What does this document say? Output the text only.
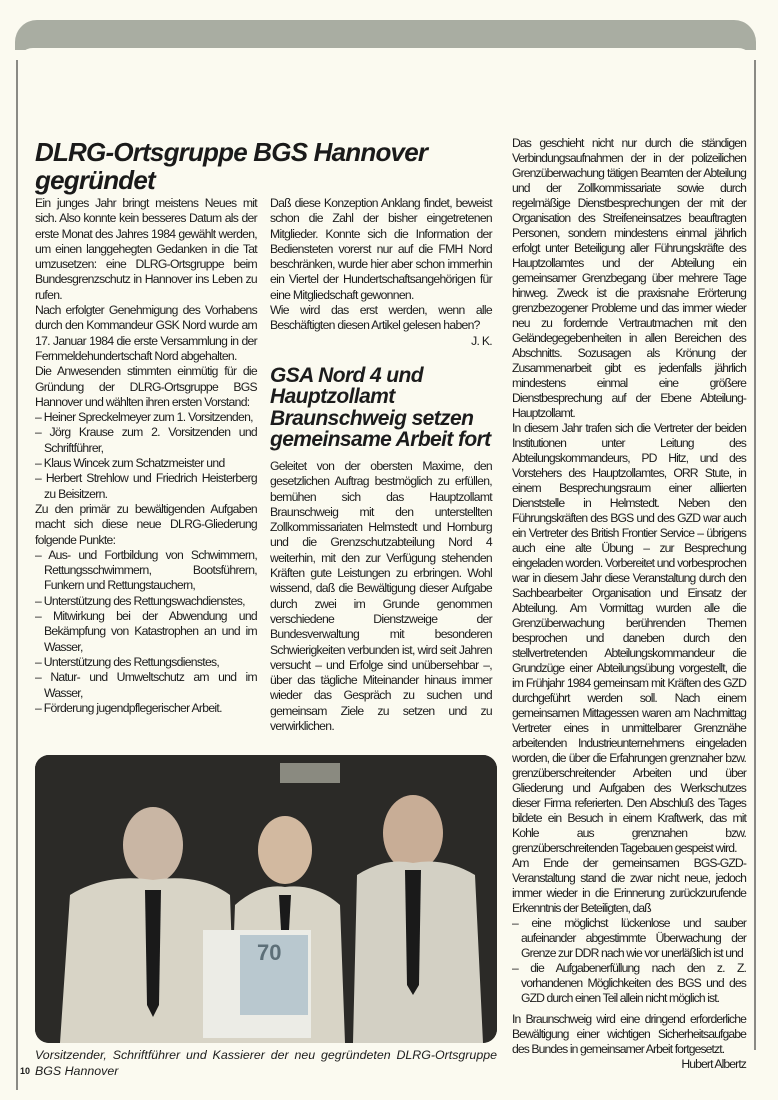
DLRG-Ortsgruppe BGS Hannover gegründet

Ein junges Jahr bringt meistens Neues mit sich. Also konnte kein besseres Datum als der erste Monat des Jahres 1984 gewählt werden, um einen langgehegten Gedanken in die Tat umzusetzen: eine DLRG-Ortsgruppe beim Bundesgrenzschutz in Hannover ins Leben zu rufen.

Nach erfolgter Genehmigung des Vorhabens durch den Kommandeur GSK Nord wurde am 17. Januar 1984 die erste Versammlung in der Fernmeldehundertschaft Nord abgehalten.

Die Anwesenden stimmten einmütig für die Gründung der DLRG-Ortsgruppe BGS Hannover und wählten ihren ersten Vorstand:

– Heiner Spreckelmeyer zum 1. Vorsitzenden,
– Jörg Krause zum 2. Vorsitzenden und Schriftführer,
– Klaus Wincek zum Schatzmeister und
– Herbert Strehlow und Friedrich Heisterberg zu Beisitzern.

Zu den primär zu bewältigenden Aufgaben macht sich diese neue DLRG-Gliederung folgende Punkte:

– Aus- und Fortbildung von Schwimmern, Rettungsschwimmern, Bootsführern, Funkern und Rettungstauchern,
– Unterstützung des Rettungswachdienstes,
– Mitwirkung bei der Abwendung und Bekämpfung von Katastrophen an und im Wasser,
– Unterstützung des Rettungsdienstes,
– Natur- und Umweltschutz am und im Wasser,
– Förderung jugendpflegerischer Arbeit.

Daß diese Konzeption Anklang findet, beweist schon die Zahl der bisher eingetretenen Mitglieder. Konnte sich die Information der Bediensteten vorerst nur auf die FMH Nord beschränken, wurde hier aber schon immerhin ein Viertel der Hundertschaftsangehörigen für eine Mitgliedschaft gewonnen.

Wie wird das erst werden, wenn alle Beschäftigten diesen Artikel gelesen haben?

J. K.

GSA Nord 4 und Hauptzollamt Braunschweig setzen gemeinsame Arbeit fort

Geleitet von der obersten Maxime, den gesetzlichen Auftrag bestmöglich zu erfüllen, bemühen sich das Hauptzollamt Braunschweig mit den unterstellten Zollkommissariaten Helmstedt und Hornburg und die Grenzschutzabteilung Nord 4 weiterhin, mit den zur Verfügung stehenden Kräften gute Leistungen zu erbringen. Wohl wissend, daß die Bewältigung dieser Aufgabe durch zwei im Grunde genommen verschiedene Dienstzweige der Bundesverwaltung mit besonderen Schwierigkeiten verbunden ist, wird seit Jahren versucht – und Erfolge sind unübersehbar –, über das tägliche Miteinander hinaus immer wieder das Gespräch zu suchen und gemeinsam Ziele zu setzen und zu verwirklichen.

Das geschieht nicht nur durch die ständigen Verbindungsaufnahmen der in der polizeilichen Grenzüberwachung tätigen Beamten der Abteilung und der Zollkommissariate sowie durch regelmäßige Dienstbesprechungen der mit der Organisation des Streifeneinsatzes beauftragten Personen, sondern mindestens einmal jährlich erfolgt unter Beteiligung aller Führungskräfte des Hauptzollamtes und der Abteilung ein gemeinsamer Grenzbegang über mehrere Tage hinweg. Zweck ist die praxisnahe Erörterung grenzbezogener Probleme und das immer wieder neu zu fordernde Vertrautmachen mit den Geländegegebenheiten in allen Bereichen des Abschnitts. Sozusagen als Krönung der Zusammenarbeit gibt es jedenfalls jährlich mindestens einmal eine größere Dienstbesprechung auf der Ebene Abteilung-Hauptzollamt.

In diesem Jahr trafen sich die Vertreter der beiden Institutionen unter Leitung des Abteilungskommandeurs, PD Hitz, und des Vorstehers des Hauptzollamtes, ORR Stute, in einem Besprechungsraum einer alliierten Dienststelle in Helmstedt. Neben den Führungskräften des BGS und des GZD war auch ein Vertreter des British Frontier Service – übrigens auch eine alte Übung – zur Besprechung eingeladen worden. Vorbereitet und vorbesprochen war in diesem Jahr diese Veranstaltung durch den Sachbearbeiter Organisation und Einsatz der Abteilung. Am Vormittag wurden alle die Grenzüberwachung berührenden Themen besprochen und daneben durch den stellvertretenden Abteilungskommandeur die Grundzüge einer Abteilungsübung vorgestellt, die im Frühjahr 1984 gemeinsam mit Kräften des GZD durchgeführt werden soll. Nach einem gemeinsamen Mittagessen waren am Nachmittag Vertreter eines in unmittelbarer Grenznähe arbeitenden Industrieunternehmens eingeladen worden, die über die Erfahrungen grenznaher bzw. grenzüberschreitender Arbeiten und über Gliederung und Aufgaben des Werkschutzes dieser Firma referierten. Den Abschluß des Tages bildete ein Besuch in einem Kraftwerk, das mit Kohle aus grenznahen bzw. grenzüberschreitenden Tagebauen gespeist wird.

Am Ende der gemeinsamen BGS-GZD-Veranstaltung stand die zwar nicht neue, jedoch immer wieder in die Erinnerung zurückzurufende Erkenntnis der Beteiligten, daß

– eine möglichst lückenlose und sauber aufeinander abgestimmte Überwachung der Grenze zur DDR nach wie vor unerläßlich ist und
– die Aufgabenerfüllung nach den z. Z. vorhandenen Möglichkeiten des BGS und des GZD durch einen Teil allein nicht möglich ist.

In Braunschweig wird eine dringend erforderliche Bewältigung einer wichtigen Sicherheitsaufgabe des Bundes in gemeinsamer Arbeit fortgesetzt.

Hubert Albertz

70
Vorsitzender, Schriftführer und Kassierer der neu gegründeten DLRG-Ortsgruppe BGS Hannover
10
